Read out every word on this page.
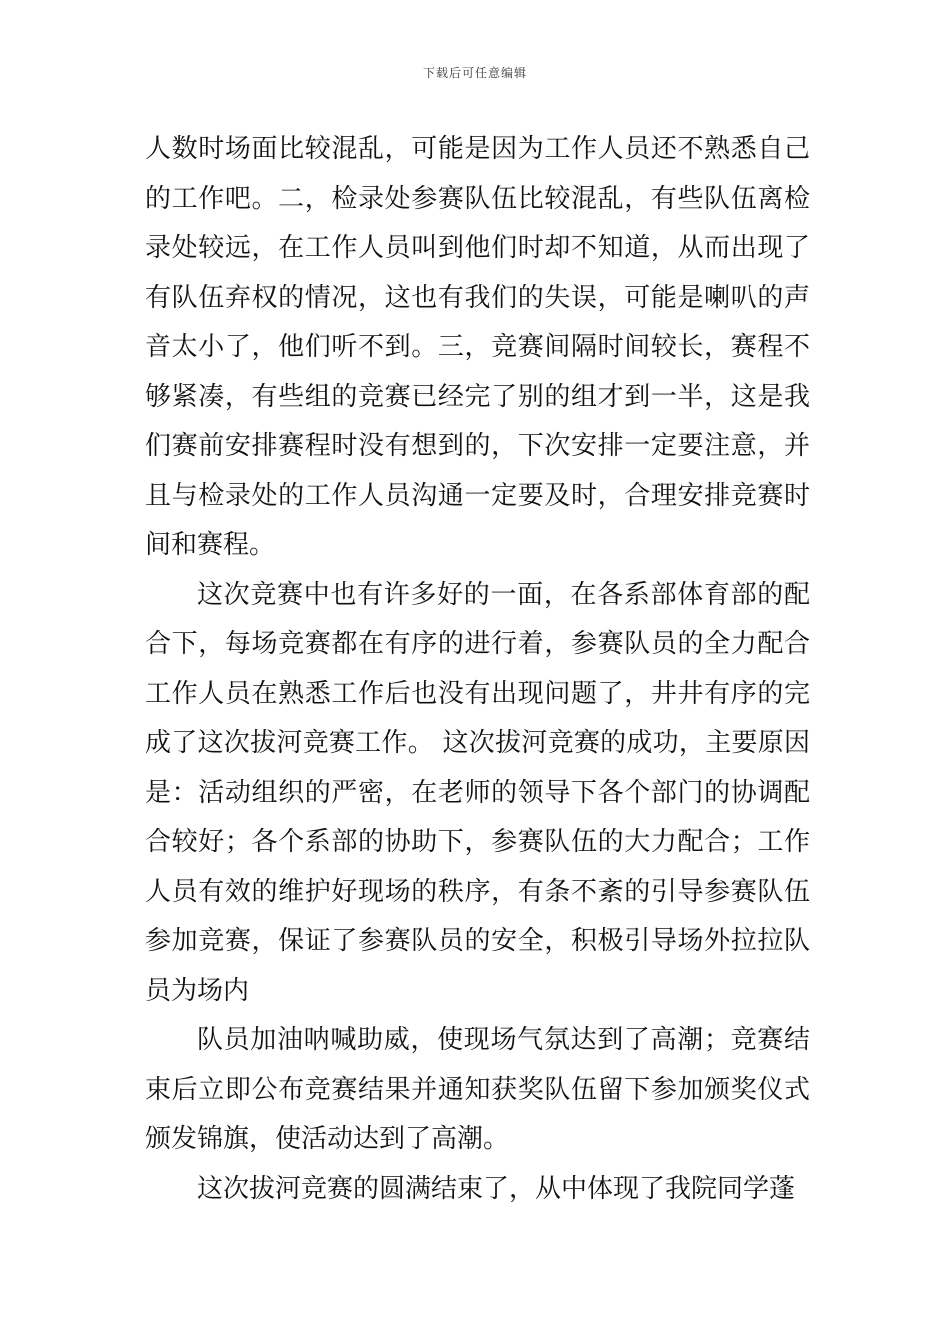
下载后可任意编辑

人数时场面比较混乱，可能是因为工作人员还不熟悉自己的工作吧。二，检录处参赛队伍比较混乱，有些队伍离检录处较远，在工作人员叫到他们时却不知道，从而出现了有队伍弃权的情况，这也有我们的失误，可能是喇叭的声音太小了，他们听不到。三，竞赛间隔时间较长，赛程不够紧凑，有些组的竞赛已经完了别的组才到一半，这是我们赛前安排赛程时没有想到的，下次安排一定要注意，并且与检录处的工作人员沟通一定要及时，合理安排竞赛时间和赛程。

这次竞赛中也有许多好的一面，在各系部体育部的配合下，每场竞赛都在有序的进行着，参赛队员的全力配合工作人员在熟悉工作后也没有出现问题了，井井有序的完成了这次拔河竞赛工作。 这次拔河竞赛的成功，主要原因是：活动组织的严密，在老师的领导下各个部门的协调配合较好；各个系部的协助下，参赛队伍的大力配合；工作人员有效的维护好现场的秩序，有条不紊的引导参赛队伍参加竞赛，保证了参赛队员的安全，积极引导场外拉拉队员为场内

队员加油呐喊助威，使现场气氛达到了高潮；竞赛结束后立即公布竞赛结果并通知获奖队伍留下参加颁奖仪式颁发锦旗，使活动达到了高潮。

这次拔河竞赛的圆满结束了，从中体现了我院同学蓬
